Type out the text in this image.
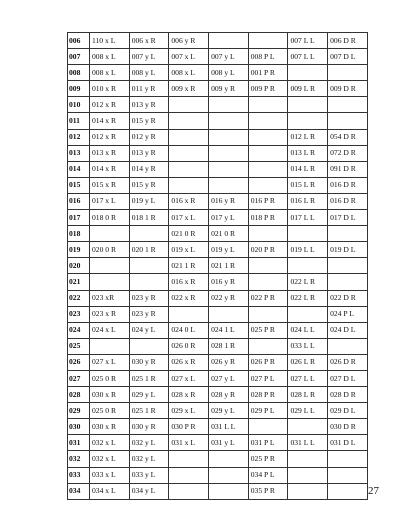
006	110 x L	006 x R	006 y R			007 L L	006 D R
007	008 x L	007 y L	007 x L	007 y L	008 P L	007 L L	007 D L
008	008 x L	008 y L	008 x L	008 y L	001 P R		
009	010 x R	011 y R	009 x R	009 y R	009 P R	009 L R	009 D R
010	012 x R	013 y R					
011	014 x R	015 y R					
012	012 x R	012 y R				012 L R	054 D R
013	013 x R	013 y R				013 L R	072 D R
014	014 x R	014 y R				014 L R	091 D R
015	015 x R	015 y R				015 L R	016 D R
016	017 x L	019 y L	016 x R	016 y R	016 P R	016 L R	016 D R
017	018 0 R	018 1 R	017 x L	017 y L	018 P R	017 L L	017 D L
018			021 0 R	021 0 R			
019	020 0 R	020 1 R	019 x L	019 y L	020 P R	019 L L	019 D L
020			021 1 R	021 1 R			
021			016 x R	016 y R		022 L R	
022	023 xR	023 y R	022 x R	022 y R	022 P R	022 L R	022 D R
023	023 x R	023 y R					024 P L
024	024 x L	024 y L	024 0 L	024 1 L	025 P R	024 L L	024 D L
025			026 0 R	028 1 R		033 L L	
026	027 x L	030 y R	026 x R	026 y R	026 P R	026 L R	026 D R
027	025 0 R	025 1 R	027 x L	027 y L	027 P L	027 L L	027 D L
028	030 x R	029 y L	028 x R	028 y R	028 P R	028 L R	028 D R
029	025 0 R	025 1 R	029 x L	029 y L	029 P L	029 L L	029 D L
030	030 x R	030 y R	030 P R	031 L L			030 D R
031	032 x L	032 y L	031 x L	031 y L	031 P L	031 L L	031 D L
032	032 x L	032 y L			025 P R		
033	033 x L	033 y L			034 P L		
034	034 x L	034 y L			035 P R			27
